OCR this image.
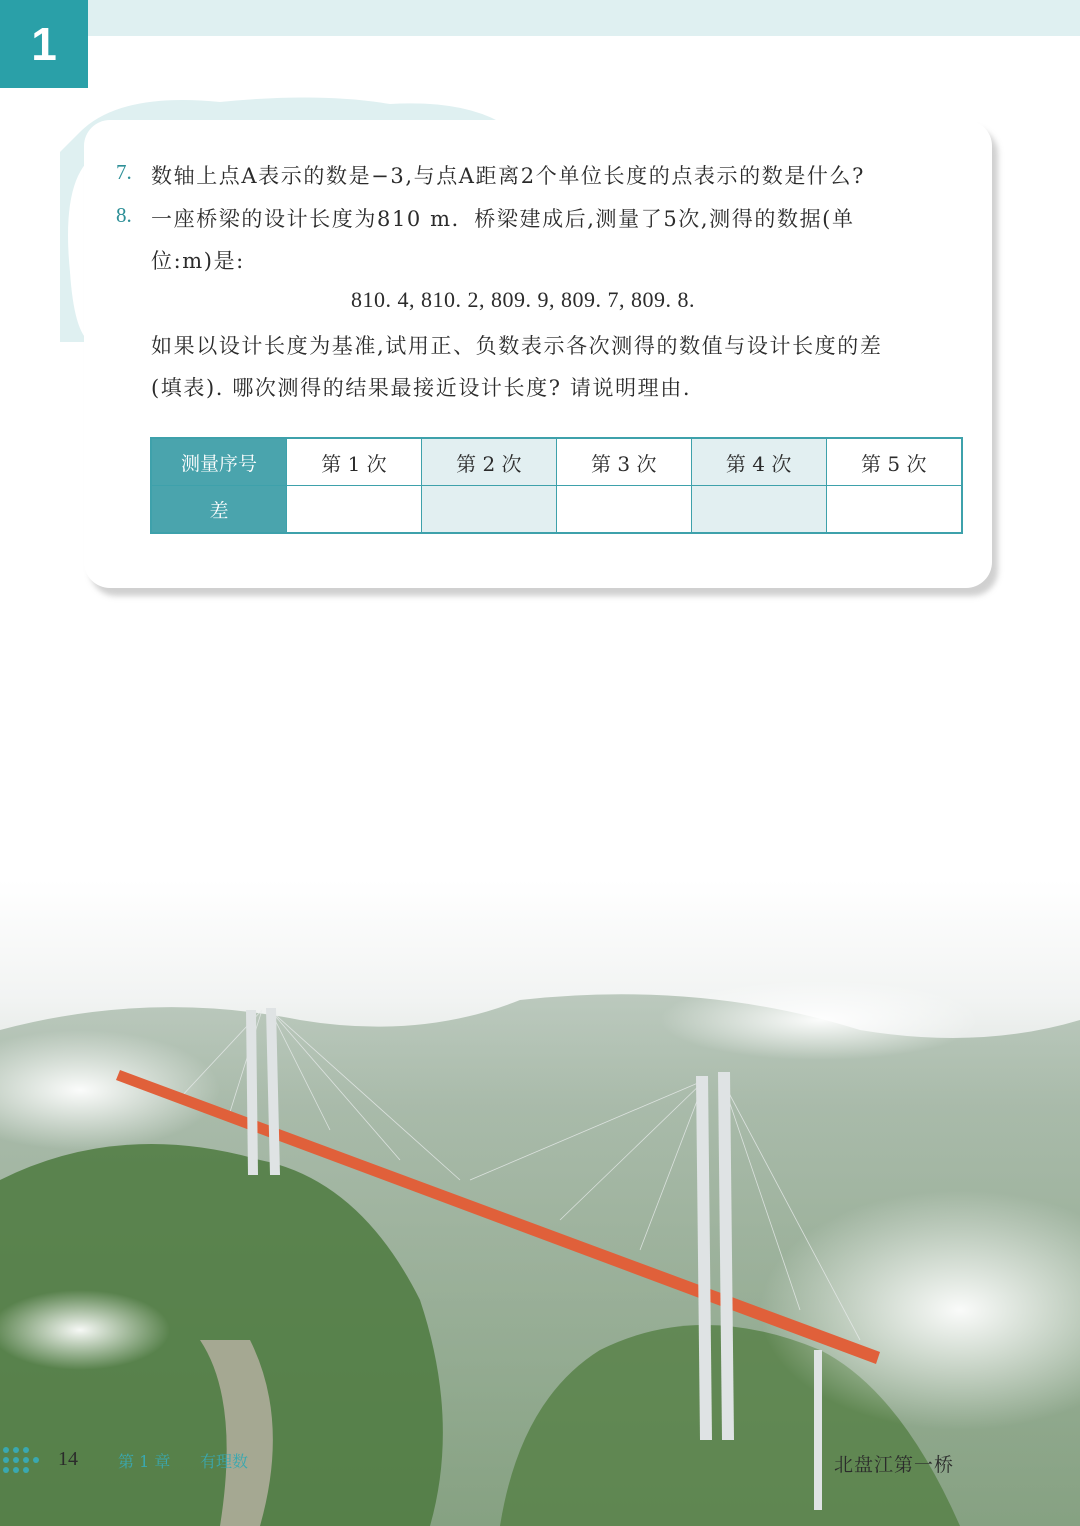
1
7. 数轴上点A表示的数是−3,与点A距离2个单位长度的点表示的数是什么?
8. 一座桥梁的设计长度为810 m．桥梁建成后,测量了5次,测得的数据(单
位:m)是:
810. 4, 810. 2, 809. 9, 809. 7, 809. 8.
如果以设计长度为基准,试用正、负数表示各次测得的数值与设计长度的差
(填表). 哪次测得的结果最接近设计长度? 请说明理由.
测量序号	第 1 次	第 2 次	第 3 次	第 4 次	第 5 次
差					
14	第 1 章 有理数	北盘江第一桥
